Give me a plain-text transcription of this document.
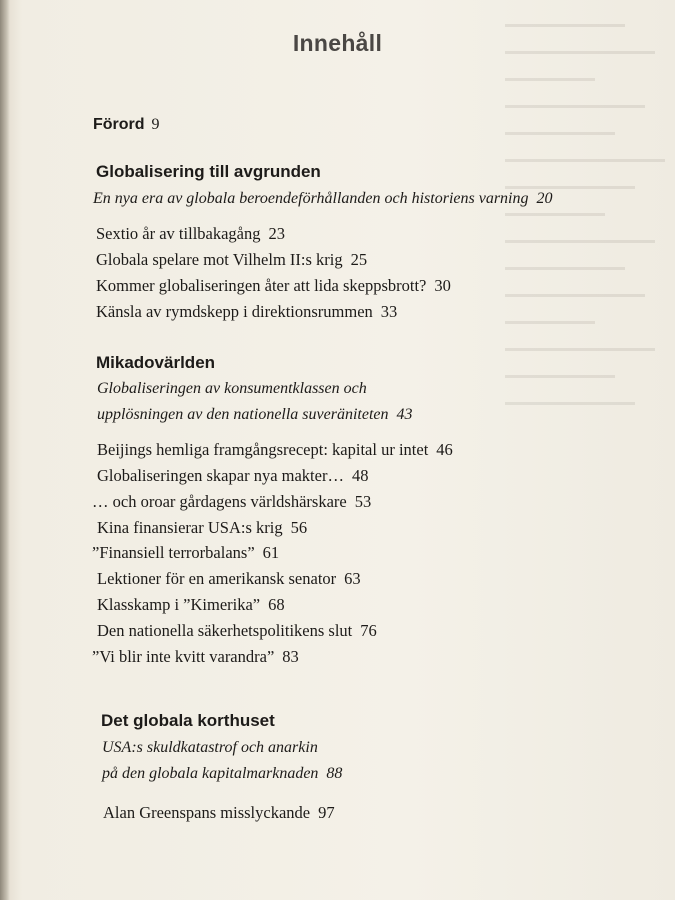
Innehåll
Förord 9
Globalisering till avgrunden
En nya era av globala beroendeförhållanden och historiens varning 20
Sextio år av tillbakagång 23
Globala spelare mot Vilhelm II:s krig 25
Kommer globaliseringen åter att lida skeppsbrott? 30
Känsla av rymdskepp i direktionsrummen 33
Mikadovärlden
Globaliseringen av konsumentklassen och
upplösningen av den nationella suveräniteten 43
Beijings hemliga framgångsrecept: kapital ur intet 46
Globaliseringen skapar nya makter… 48
… och oroar gårdagens världshärskare 53
Kina finansierar USA:s krig 56
”Finansiell terrorbalans” 61
Lektioner för en amerikansk senator 63
Klasskamp i ”Kimerika” 68
Den nationella säkerhetspolitikens slut 76
”Vi blir inte kvitt varandra” 83
Det globala korthuset
USA:s skuldkatastrof och anarkin
på den globala kapitalmarknaden 88
Alan Greenspans misslyckande 97
